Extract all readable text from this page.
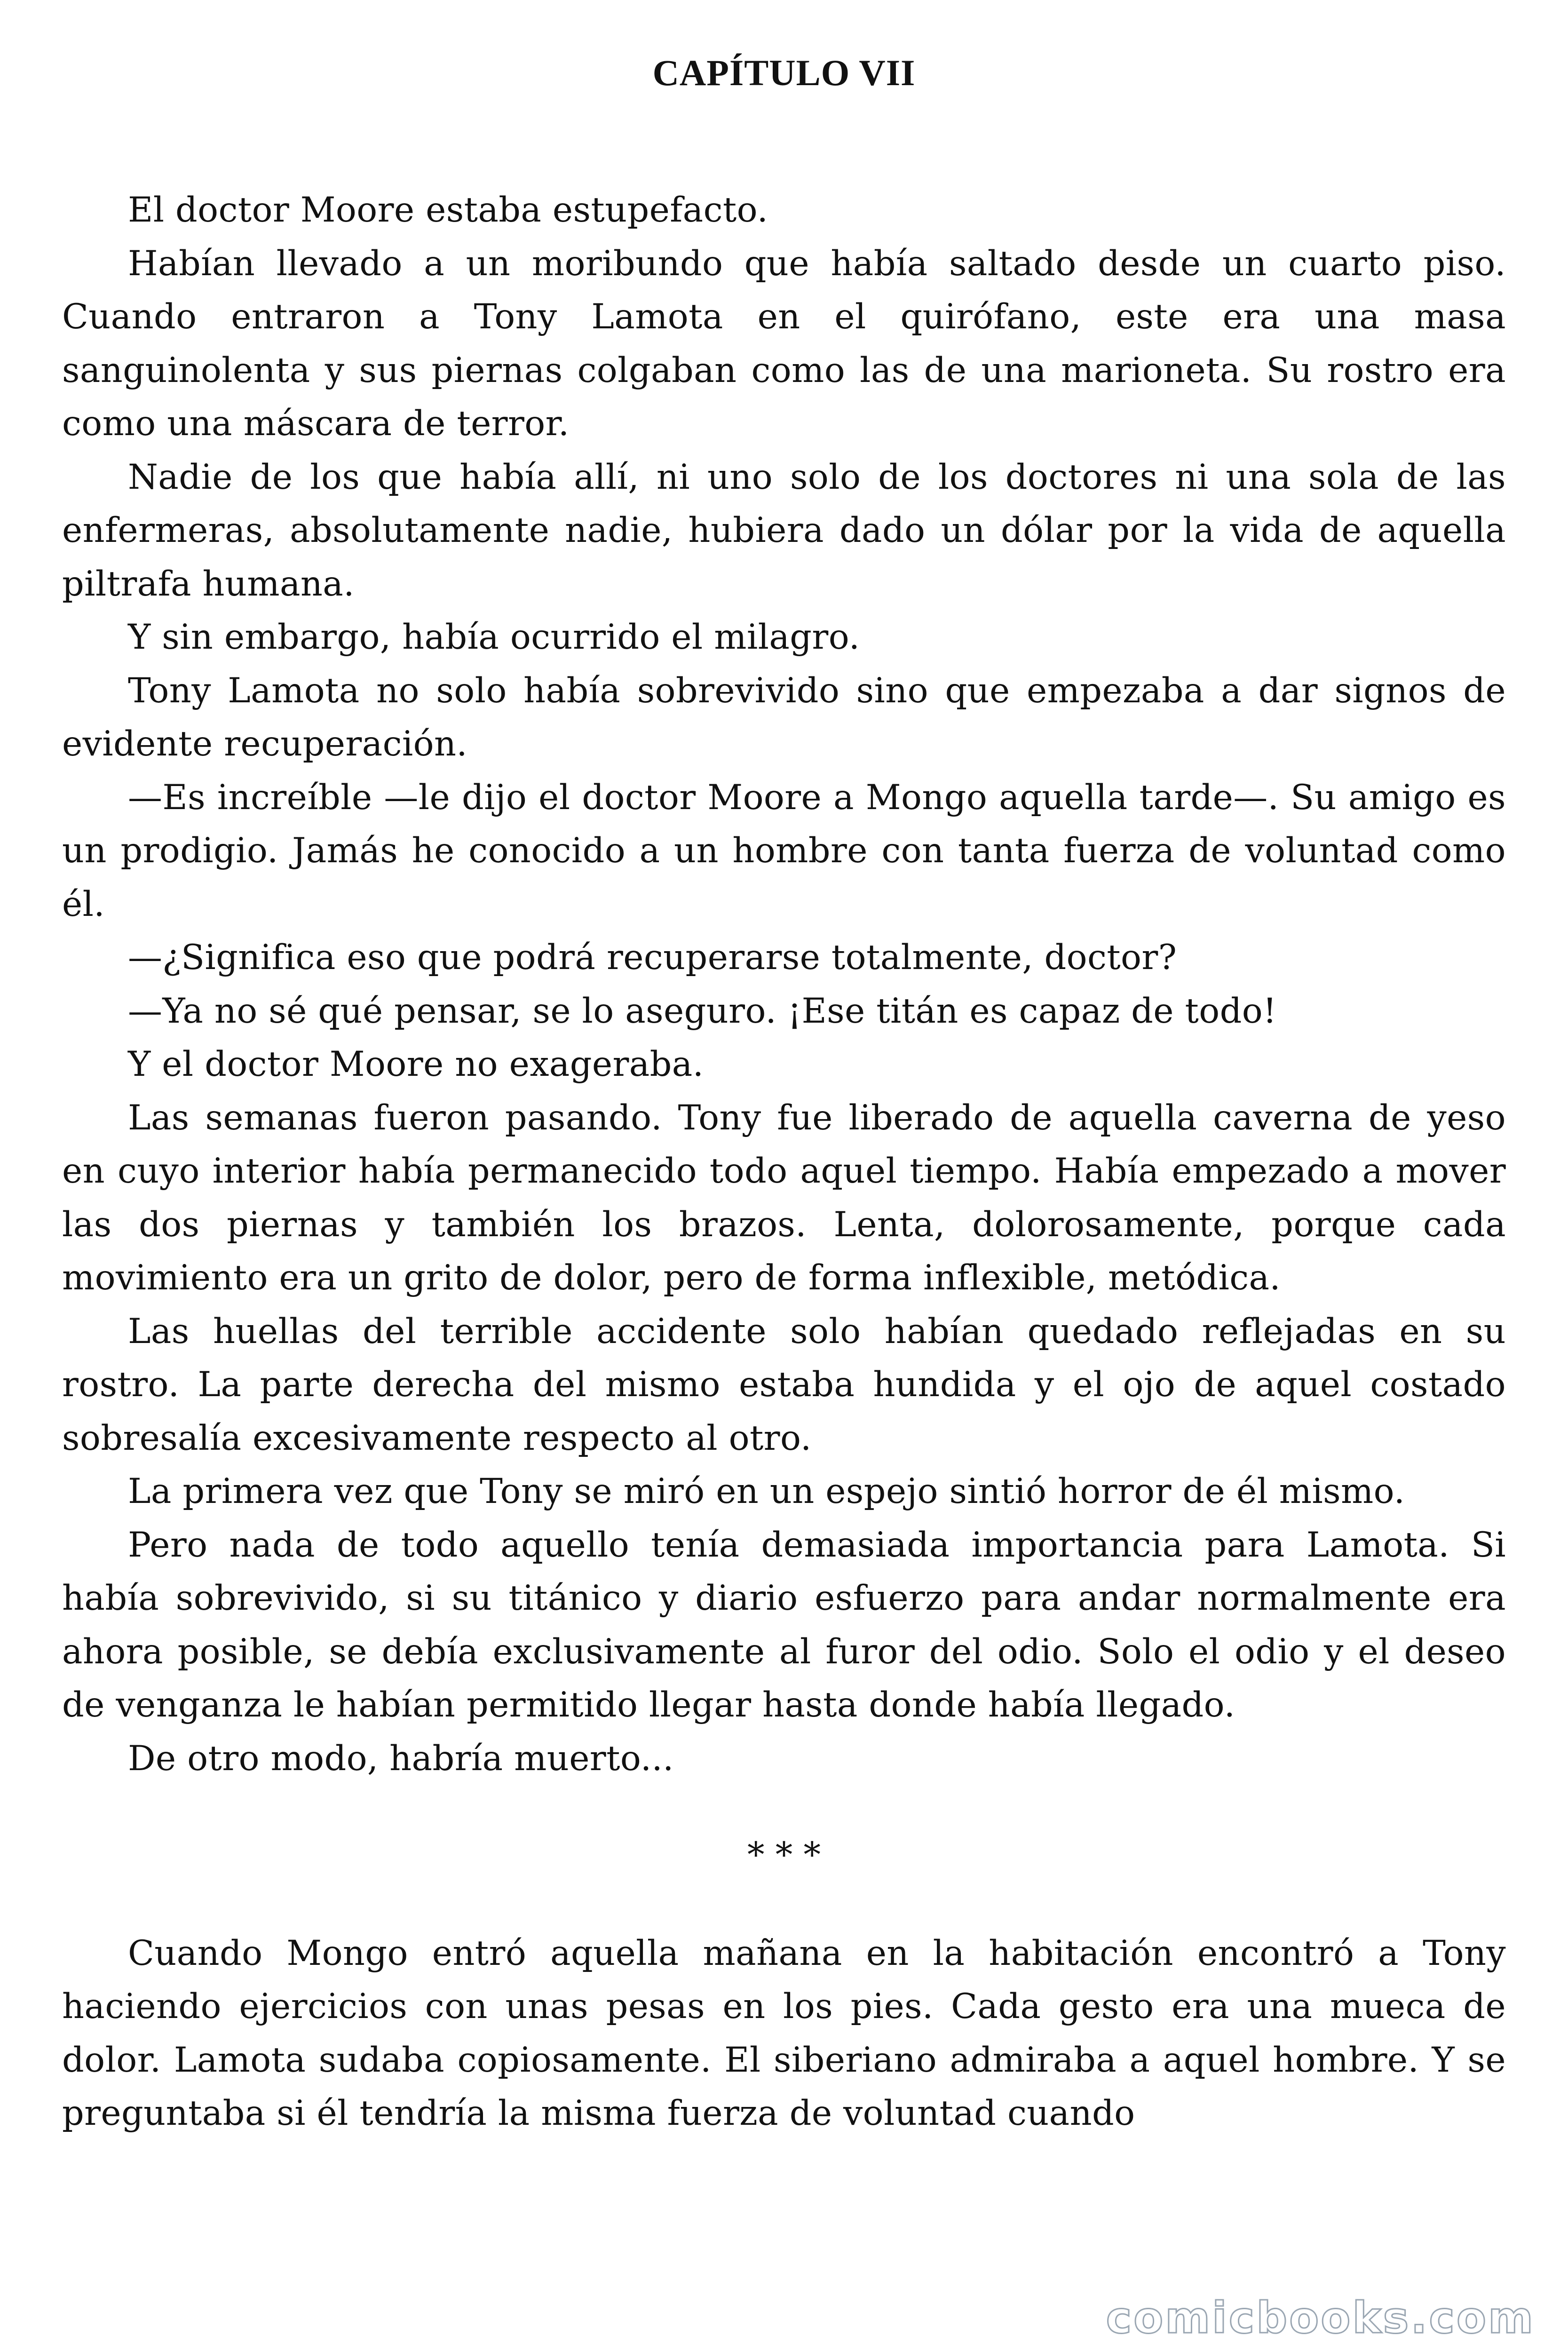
CAPÍTULO VII

El doctor Moore estaba estupefacto.

Habían llevado a un moribundo que había saltado desde un cuarto piso. Cuando entraron a Tony Lamota en el quirófano, este era una masa sanguinolenta y sus piernas colgaban como las de una marioneta. Su rostro era como una máscara de terror.

Nadie de los que había allí, ni uno solo de los doctores ni una sola de las enfermeras, absolutamente nadie, hubiera dado un dólar por la vida de aquella piltrafa humana.

Y sin embargo, había ocurrido el milagro.

Tony Lamota no solo había sobrevivido sino que empezaba a dar signos de evidente recuperación.

—Es increíble —le dijo el doctor Moore a Mongo aquella tarde—. Su amigo es un prodigio. Jamás he conocido a un hombre con tanta fuerza de voluntad como él.

—¿Significa eso que podrá recuperarse totalmente, doctor?

—Ya no sé qué pensar, se lo aseguro. ¡Ese titán es capaz de todo!

Y el doctor Moore no exageraba.

Las semanas fueron pasando. Tony fue liberado de aquella caverna de yeso en cuyo interior había permanecido todo aquel tiempo. Había empezado a mover las dos piernas y también los brazos. Lenta, dolorosamente, porque cada movimiento era un grito de dolor, pero de forma inflexible, metódica.

Las huellas del terrible accidente solo habían quedado reflejadas en su rostro. La parte derecha del mismo estaba hundida y el ojo de aquel costado sobresalía excesivamente respecto al otro.

La primera vez que Tony se miró en un espejo sintió horror de él mismo.

Pero nada de todo aquello tenía demasiada importancia para Lamota. Si había sobrevivido, si su titánico y diario esfuerzo para andar normalmente era ahora posible, se debía exclusivamente al furor del odio. Solo el odio y el deseo de venganza le habían permitido llegar hasta donde había llegado.

De otro modo, habría muerto...

* * *

Cuando Mongo entró aquella mañana en la habitación encontró a Tony haciendo ejercicios con unas pesas en los pies. Cada gesto era una mueca de dolor. Lamota sudaba copiosamente. El siberiano admiraba a aquel hombre. Y se preguntaba si él tendría la misma fuerza de voluntad cuando

comicbooks.com
